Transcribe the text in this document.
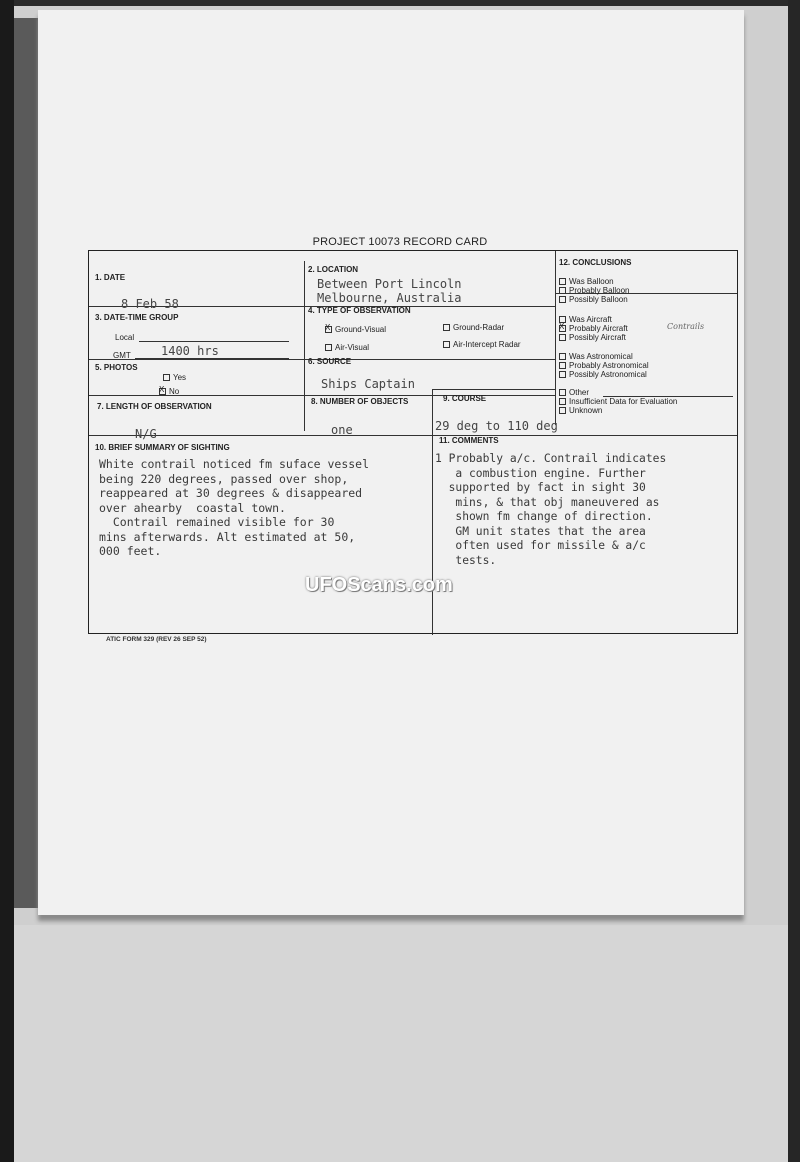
PROJECT 10073 RECORD CARD
1. DATE
8 Feb 58
2. LOCATION
Between Port Lincoln
Melbourne, Australia
3. DATE-TIME GROUP
Local
GMT	1400 hrs
4. TYPE OF OBSERVATION
X Ground-Visual	Ground-Radar
Air-Visual	Air-Intercept Radar
5. PHOTOS
Yes
X No
6. SOURCE
Ships Captain
7. LENGTH OF OBSERVATION
N/G
8. NUMBER OF OBJECTS
one
9. COURSE
29 deg to 110 deg
10. BRIEF SUMMARY OF SIGHTING
White contrail noticed fm suface vessel
being 220 degrees, passed over shop,
reappeared at 30 degrees & disappeared
over ahearby  coastal town.
Contrail remained visible for 30
mins afterwards. Alt estimated at 50,
000 feet.
11. COMMENTS
1 Probably a/c. Contrail indicates
a combustion engine. Further
supported by fact in sight 30
mins, & that obj maneuvered as
shown fm change of direction.
GM unit states that the area
often used for missile & a/c
tests.
12. CONCLUSIONS
Was Balloon
Probably Balloon
Possibly Balloon
Was Aircraft
X Probably Aircraft	Contrails
Possibly Aircraft
Was Astronomical
Probably Astronomical
Possibly Astronomical
Other
Insufficient Data for Evaluation
Unknown
UFOScans.com
ATIC FORM 329 (REV 26 SEP 52)
